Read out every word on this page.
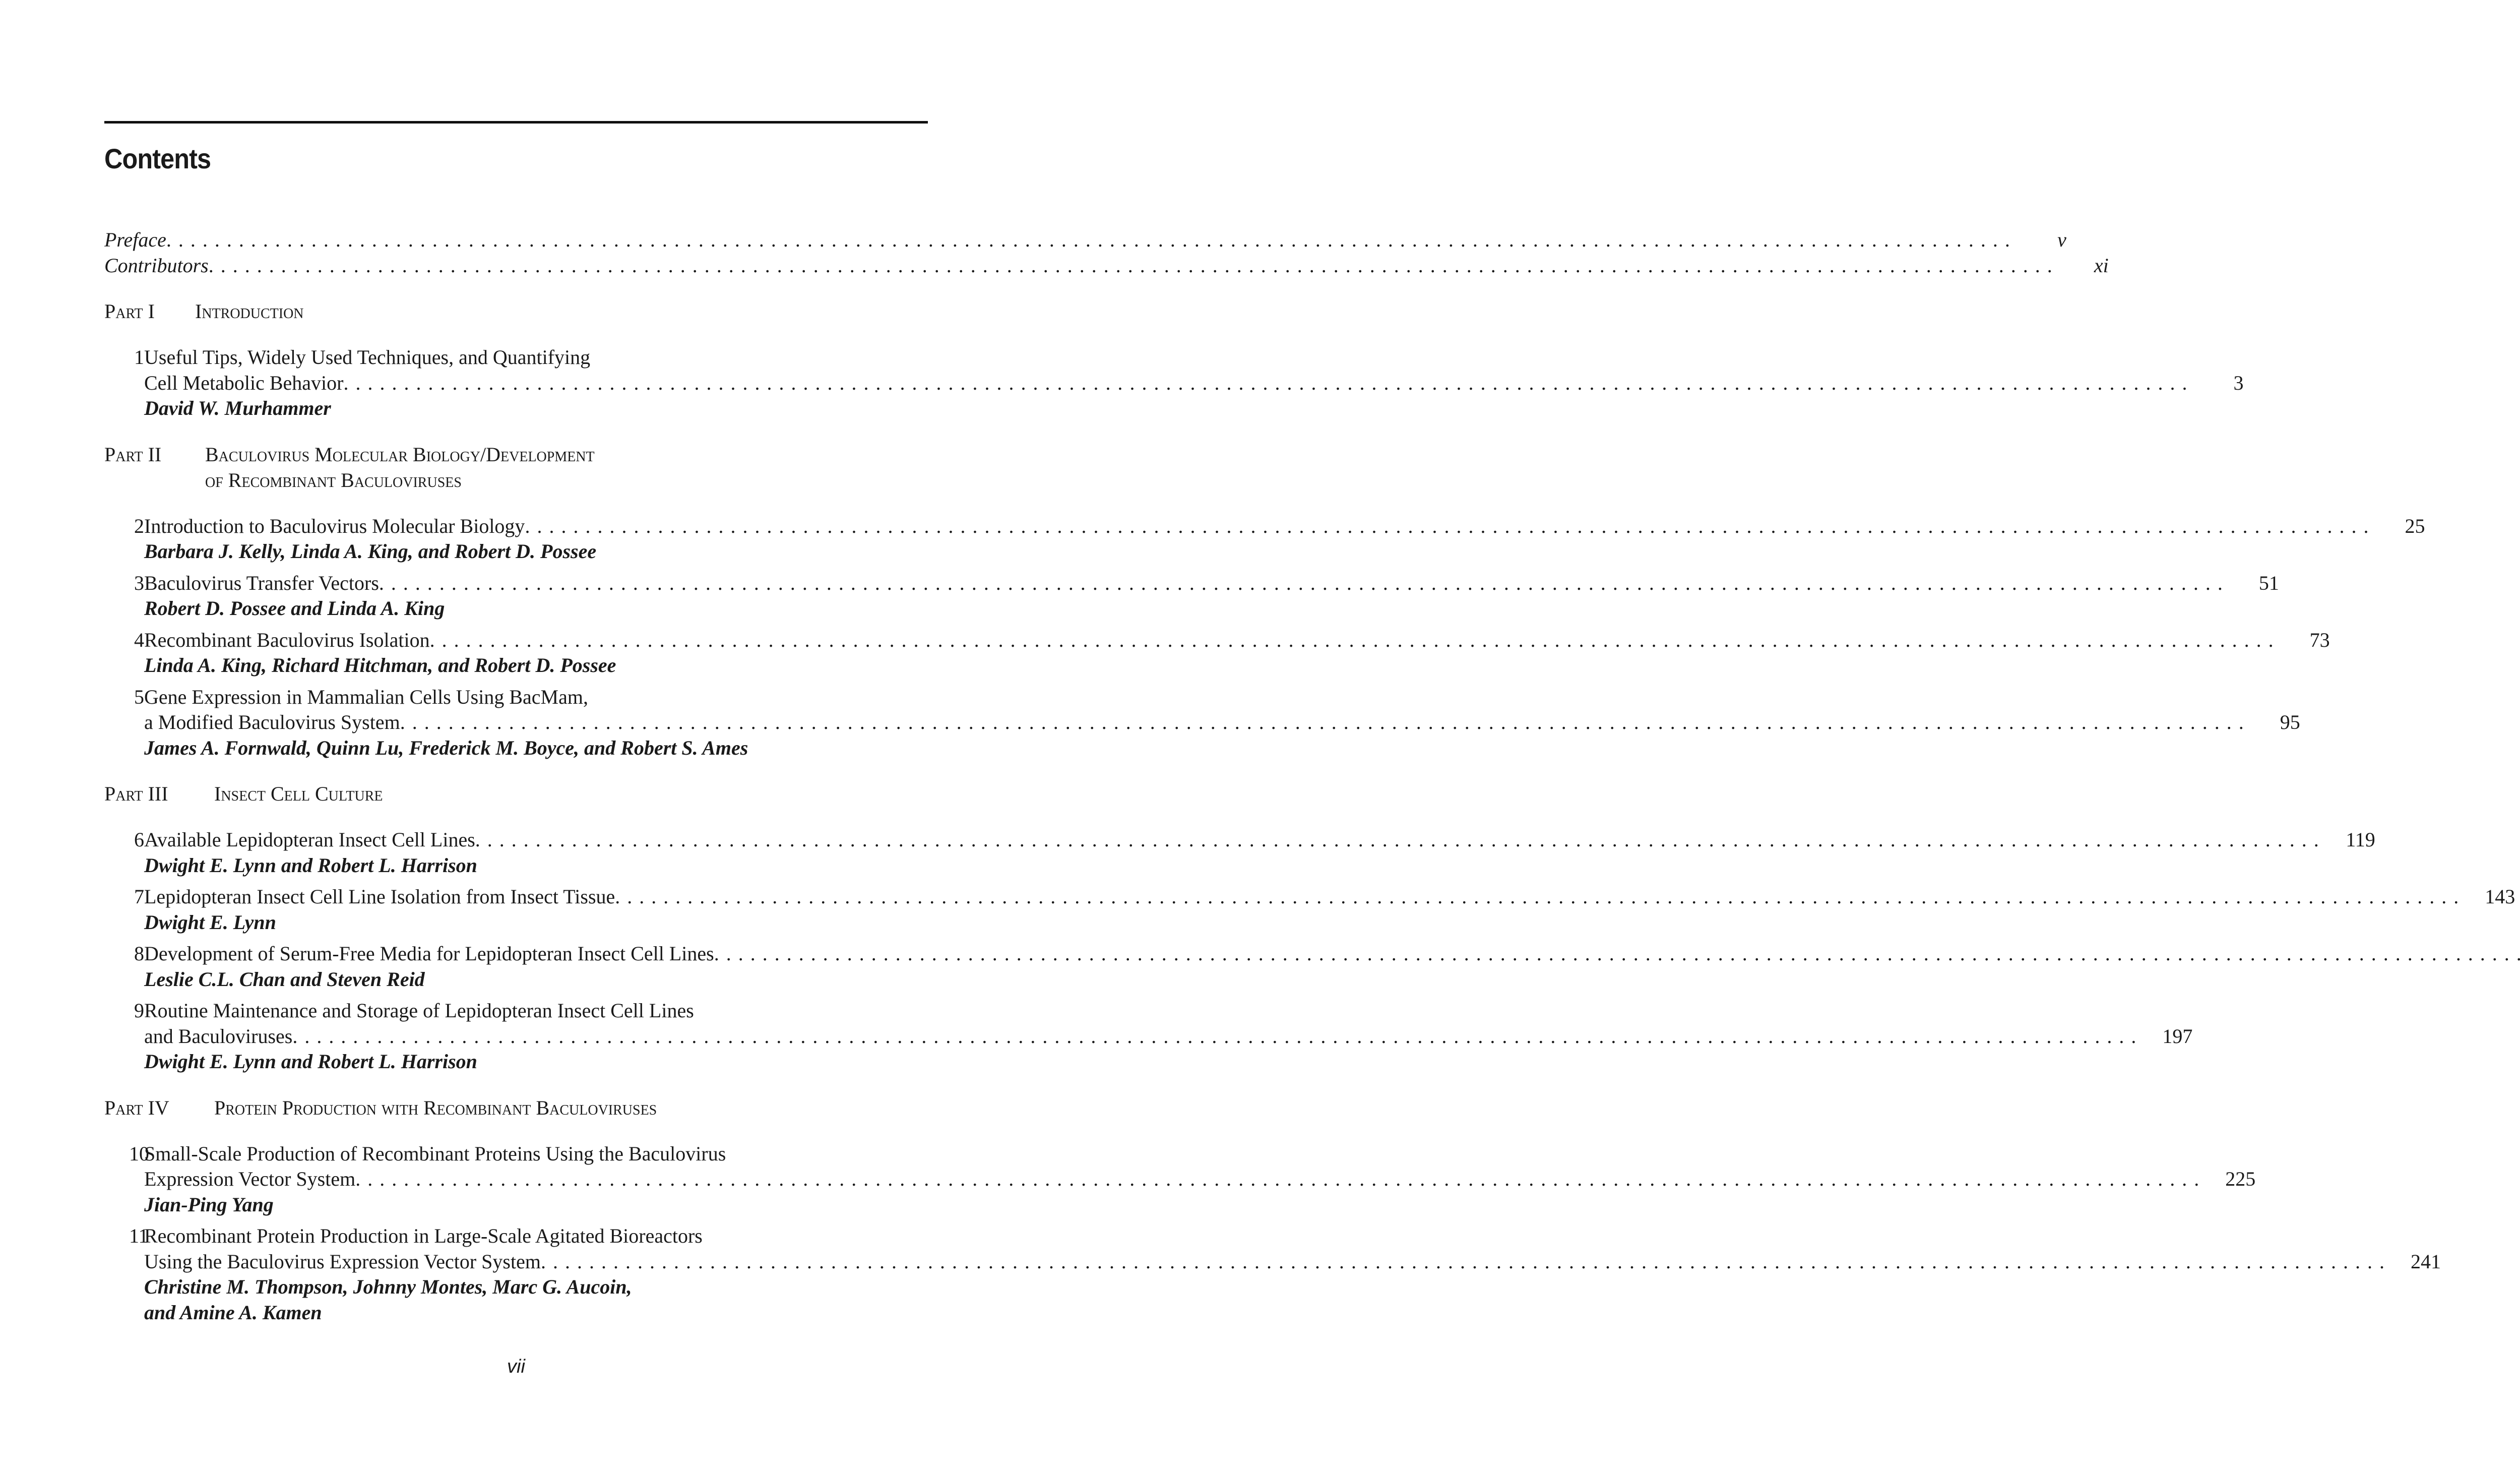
Contents
Preface . . .	v
Contributors . . .	xi
Part I	Introduction
1 Useful Tips, Widely Used Techniques, and Quantifying
Cell Metabolic Behavior . . .	3
David W. Murhammer
Part II	Baculovirus Molecular Biology/Development
of Recombinant Baculoviruses
2 Introduction to Baculovirus Molecular Biology . . .	25
Barbara J. Kelly, Linda A. King, and Robert D. Possee
3 Baculovirus Transfer Vectors . . .	51
Robert D. Possee and Linda A. King
4 Recombinant Baculovirus Isolation . . .	73
Linda A. King, Richard Hitchman, and Robert D. Possee
5 Gene Expression in Mammalian Cells Using BacMam,
a Modified Baculovirus System . . .	95
James A. Fornwald, Quinn Lu, Frederick M. Boyce, and Robert S. Ames
Part III	Insect Cell Culture
6 Available Lepidopteran Insect Cell Lines . . .	119
Dwight E. Lynn and Robert L. Harrison
7 Lepidopteran Insect Cell Line Isolation from Insect Tissue . . .	143
Dwight E. Lynn
8 Development of Serum-Free Media for Lepidopteran Insect Cell Lines
. . .
Leslie C.L. Chan and Steven Reid
9 Routine Maintenance and Storage of Lepidopteran Insect Cell Lines
and Baculoviruses . . .	197
Dwight E. Lynn and Robert L. Harrison
Part IV	Protein Production with Recombinant Baculoviruses
10
Small-Scale Production of Recombinant Proteins Using the Baculovirus
Expression Vector System . . .	225
Jian-Ping Yang
11
Recombinant Protein Production in Large-Scale Agitated Bioreactors
Using the Baculovirus Expression Vector System . . .	241
Christine M. Thompson, Johnny Montes, Marc G. Aucoin,
and Amine A. Kamen
vii
